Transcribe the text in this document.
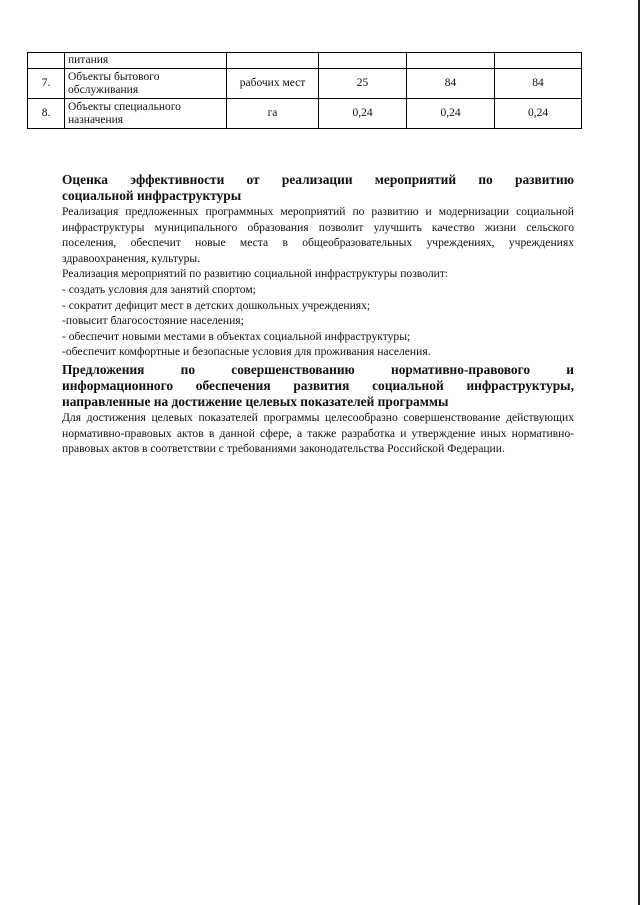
	питания				
7.	Объекты бытового обслуживания	рабочих мест	25	84	84
8.	Объекты специального назначения	га	0,24	0,24	0,24

Оценка эффективности от реализации мероприятий по развитию

социальной инфраструктуры

Реализация предложенных программных мероприятий по развитию и модернизации социальной инфраструктуры муниципального образования позволит улучшить качество жизни сельского поселения, обеспечит новые места в общеобразовательных учреждениях, учреждениях здравоохранения, культуры.

Реализация мероприятий по развитию социальной инфраструктуры позволит:

- создать условия для занятий спортом;

- сократит дефицит мест в детских дошкольных учреждениях;

-повысит благосостояние населения;

- обеспечит новыми местами в объектах социальной инфраструктуры;

-обеспечит комфортные и безопасные условия для проживания населения.

Предложения по совершенствованию нормативно-правового и

информационного обеспечения развития социальной инфраструктуры,

направленные на достижение целевых показателей программы

Для достижения целевых показателей программы целесообразно совершенствование действующих нормативно-правовых актов в данной сфере, а также разработка и утверждение иных нормативно-правовых актов в соответствии с требованиями законодательства Российской Федерации.
